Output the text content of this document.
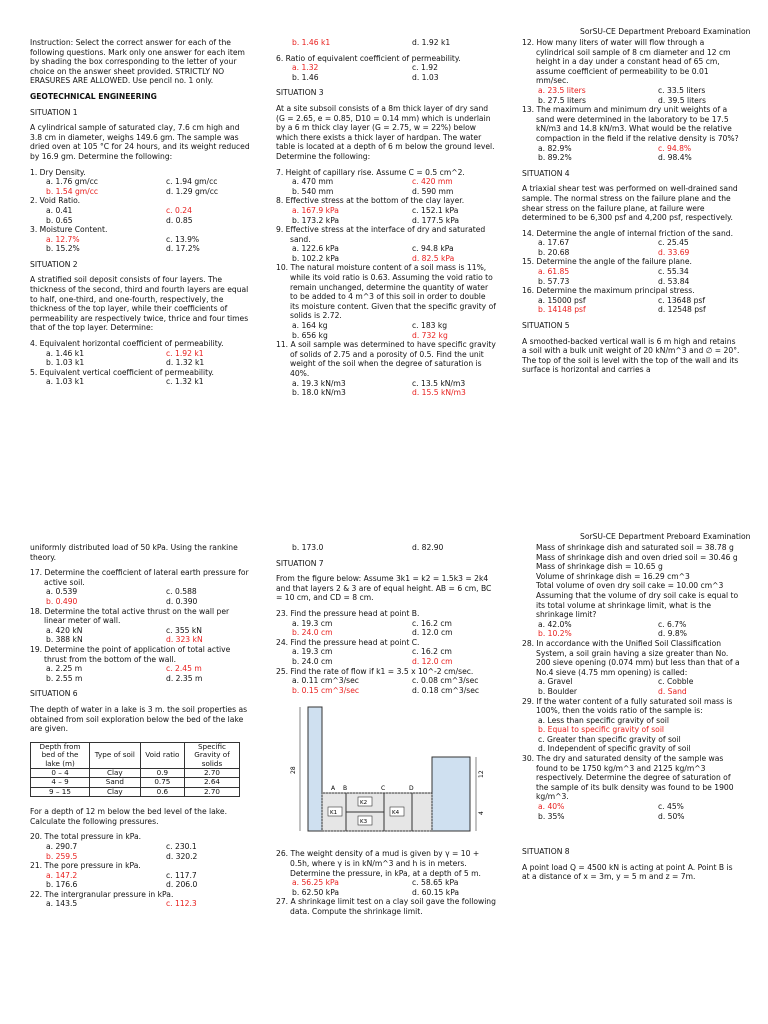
SorSU-CE Department Preboard Examination

Instruction: Select the correct answer for each of the following questions. Mark only one answer for each item by shading the box corresponding to the letter of your choice on the answer sheet provided. STRICTLY NO ERASURES ARE ALLOWED. Use pencil no. 1 only.

GEOTECHNICAL ENGINEERING

SITUATION 1

A cylindrical sample of saturated clay, 7.6 cm high and 3.8 cm in diameter, weighs 149.6 gm. The sample was dried oven at 105 °C for 24 hours, and its weight reduced by 16.9 gm. Determine the following:

1. Dry Density.

a. 1.76 gm/cc	c. 1.94 gm/cc
b. 1.54 gm/cc	d. 1.29 gm/cc

2. Void Ratio.

a. 0.41	c. 0.24
b. 0.65	d. 0.85

3. Moisture Content.

a. 12.7%	c. 13.9%
b. 15.2%	d. 17.2%

SITUATION 2

A stratified soil deposit consists of four layers. The thickness of the second, third and fourth layers are equal to half, one-third, and one-fourth, respectively, the thickness of the top layer, while their coefficients of permeability are respectively twice, thrice and four times that of the top layer. Determine:

4. Equivalent horizontal coefficient of permeability.

a. 1.46 k1	c. 1.92 k1
b. 1.03 k1	d. 1.32 k1

5. Equivalent vertical coefficient of permeability.

a. 1.03 k1	c. 1.32 k1
b. 1.46 k1	d. 1.92 k1

6. Ratio of equivalent coefficient of permeability.

a. 1.32	c. 1.92
b. 1.46	d. 1.03

SITUATION 3

At a site subsoil consists of a 8m thick layer of dry sand (G = 2.65, e = 0.85, D10 = 0.14 mm) which is underlain by a 6 m thick clay layer (G = 2.75, w = 22%) below which there exists a thick layer of hardpan. The water table is located at a depth of 6 m below the ground level. Determine the following:

7. Height of capillary rise. Assume C = 0.5 cm^2.

a. 470 mm	c. 420 mm
b. 540 mm	d. 590 mm

8. Effective stress at the bottom of the clay layer.

a. 167.9 kPa	c. 152.1 kPa
b. 173.2 kPa	d. 177.5 kPa

9. Effective stress at the interface of dry and saturated sand.

a. 122.6 kPa	c. 94.8 kPa
b. 102.2 kPa	d. 82.5 kPa

10. The natural moisture content of a soil mass is 11%, while its void ratio is 0.63. Assuming the void ratio to remain unchanged, determine the quantity of water to be added to 4 m^3 of this soil in order to double its moisture content. Given that the specific gravity of solids is 2.72.

a. 164 kg	c. 183 kg
b. 656 kg	d. 732 kg

11. A soil sample was determined to have specific gravity of solids of 2.75 and a porosity of 0.5. Find the unit weight of the soil when the degree of saturation is 40%.

a. 19.3 kN/m3	c. 13.5 kN/m3
b. 18.0 kN/m3	d. 15.5 kN/m3

12. How many liters of water will flow through a cylindrical soil sample of 8 cm diameter and 12 cm height in a day under a constant head of 65 cm, assume coefficient of permeability to be 0.01 mm/sec.

a. 23.5 liters	c. 33.5 liters
b. 27.5 liters	d. 39.5 liters

13. The maximum and minimum dry unit weights of a sand were determined in the laboratory to be 17.5 kN/m3 and 14.8 kN/m3. What would be the relative compaction in the field if the relative density is 70%?

a. 82.9%	c. 94.8%
b. 89.2%	d. 98.4%

SITUATION 4

A triaxial shear test was performed on well-drained sand sample. The normal stress on the failure plane and the shear stress on the failure plane, at failure were determined to be 6,300 psf and 4,200 psf, respectively.

14. Determine the angle of internal friction of the sand.

a. 17.67	c. 25.45
b. 20.68	d. 33.69

15. Determine the angle of the failure plane.

a. 61.85	c. 55.34
b. 57.73	d. 53.84

16. Determine the maximum principal stress.

a. 15000 psf	c. 13648 psf
b. 14148 psf	d. 12548 psf

SITUATION 5

A smoothed-backed vertical wall is 6 m high and retains a soil with a bulk unit weight of 20 kN/m^3 and ∅ = 20°. The top of the soil is level with the top of the wall and its surface is horizontal and carries a

SorSU-CE Department Preboard Examination

uniformly distributed load of 50 kPa. Using the rankine theory.

17. Determine the coefficient of lateral earth pressure for active soil.

a. 0.539	c. 0.588
b. 0.490	d. 0.390

18. Determine the total active thrust on the wall per linear meter of wall.

a. 420 kN	c. 355 kN
b. 388 kN	d. 323 kN

19. Determine the point of application of total active thrust from the bottom of the wall.

a. 2.25 m	c. 2.45 m
b. 2.55 m	d. 2.35 m

SITUATION 6

The depth of water in a lake is 3 m. the soil properties as obtained from soil exploration below the bed of the lake are given.

Depth from bed of the lake (m)	Type of soil	Void ratio	Specific Gravity of solids
0 – 4	Clay	0.9	2.70
4 – 9	Sand	0.75	2.64
9 – 15	Clay	0.6	2.70

For a depth of 12 m below the bed level of the lake. Calculate the following pressures.

20. The total pressure in kPa.

a. 290.7	c. 230.1
b. 259.5	d. 320.2

21. The pore pressure in kPa.

a. 147.2	c. 117.7
b. 176.6	d. 206.0

22. The intergranular pressure in kPa.

a. 143.5	c. 112.3
b. 173.0	d. 82.90

SITUATION 7

From the figure below: Assume 3k1 = k2 = 1.5k3 = 2k4 and that layers 2 & 3 are of equal height. AB = 6 cm, BC = 10 cm, and CD = 8 cm.

23. Find the pressure head at point B.

a. 19.3 cm	c. 16.2 cm
b. 24.0 cm	d. 12.0 cm

24. Find the pressure head at point C.

a. 19.3 cm	c. 16.2 cm
b. 24.0 cm	d. 12.0 cm

25. Find the rate of flow if k1 = 3.5 x 10^-2 cm/sec.

a. 0.11 cm^3/sec	c. 0.08 cm^3/sec
b. 0.15 cm^3/sec	d. 0.18 cm^3/sec
A B	C	D
K1
K2
K3
K4
28
12
4

26. The weight density of a mud is given by γ = 10 + 0.5h, where γ is in kN/m^3 and h is in meters. Determine the pressure, in kPa, at a depth of 5 m.

a. 56.25 kPa	c. 58.65 kPa
b. 62.50 kPa	d. 60.15 kPa

27. A shrinkage limit test on a clay soil gave the following data. Compute the shrinkage limit.

Mass of shrinkage dish and saturated soil = 38.78 g

Mass of shrinkage dish and oven dried soil = 30.46 g

Mass of shrinkage dish = 10.65 g

Volume of shrinkage dish = 16.29 cm^3

Total volume of oven dry soil cake = 10.00 cm^3

Assuming that the volume of dry soil cake is equal to its total volume at shrinkage limit, what is the shrinkage limit?

a. 42.0%	c. 6.7%
b. 10.2%	d. 9.8%

28. In accordance with the Unified Soil Classification System, a soil grain having a size greater than No. 200 sieve opening (0.074 mm) but less than that of a No.4 sieve (4.75 mm opening) is called:

a. Gravel	c. Cobble
b. Boulder	d. Sand

29. If the water content of a fully saturated soil mass is 100%, then the voids ratio of the sample is:

a. Less than specific gravity of soil
b. Equal to specific gravity of soil
c. Greater than specific gravity of soil
d. Independent of specific gravity of soil

30. The dry and saturated density of the sample was found to be 1750 kg/m^3 and 2125 kg/m^3 respectively. Determine the degree of saturation of the sample of its bulk density was found to be 1900 kg/m^3.

a. 40%	c. 45%
b. 35%	d. 50%

SITUATION 8

A point load Q = 4500 kN is acting at point A. Point B is at a distance of x = 3m, y = 5 m and z = 7m.
